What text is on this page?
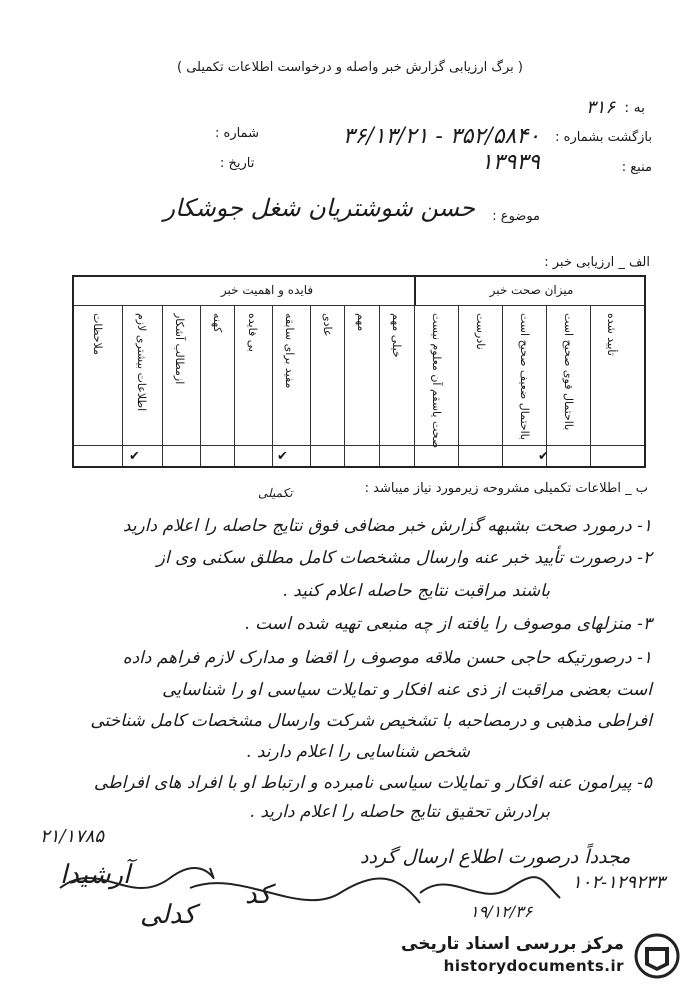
( برگ ارزیابی گزارش خبر واصله و درخواست اطلاعات تکمیلی )
به :
۳۱۶
بازگشت بشماره :
۳۶/۱۳/۲۱ - ۳۵۲/۵۸۴۰
منبع :
۱۳۹۳۹
شماره :
تاریخ :
موضوع :
حسن شوشتریان شغل جوشکار
الف _ ارزیابی خبر :
میزان صحت خبر
فایده و اهمیت خبر
تأیید شده
بااحتمال قوی صحیح است
بااحتمال ضعیف صحیح است
نادرست
صحت یاسقم آن معلوم نیست
خیلی مهم
مهم
عادی
مفید برای سابقه
بی فایده
کهنه
ازمطالب آشکار
اطلاعات بیشتری لازم
ملاحظات
✔
✔
✔
ب _ اطلاعات تکمیلی مشروحه زیرمورد نیاز میباشد :
تکمیلی
۱- درمورد صحت بشبهه گزارش خبر مضافی فوق نتایج حاصله را اعلام دارید
۲- درصورت تأیید خبر عنه وارسال مشخصات کامل مطلق سکنی وی از
باشند مراقبت نتایج حاصله اعلام کنید .
۳- منزلهای موصوف را یافته از چه منبعی تهیه شده است .
۱- درصورتیکه حاجی حسن ملاقه موصوف را اقضا و مدارک لازم فراهم داده
است بعضی مراقبت از ذی عنه افکار و تمایلات سیاسی او را شناسایی
افراطی مذهبی و درمصاحبه با تشخیص شرکت وارسال مشخصات کامل شناختی
شخص شناسایی را اعلام دارند .
۵- پیرامون عنه افکار و تمایلات سیاسی نامبرده و ارتباط او با افراد های افراطی
برادرش تحقیق نتایج حاصله را اعلام دارید .
۲۱/۱۷۸۵
۱۰۲-۱۲۹۲۳۳
مجدداً درصورت اطلاع ارسال گردد
۱۹/۱۲/۳۶
آرشیدا
کدلی
کد
مرکز بررسی اسناد تاریخی
historydocuments.ir
